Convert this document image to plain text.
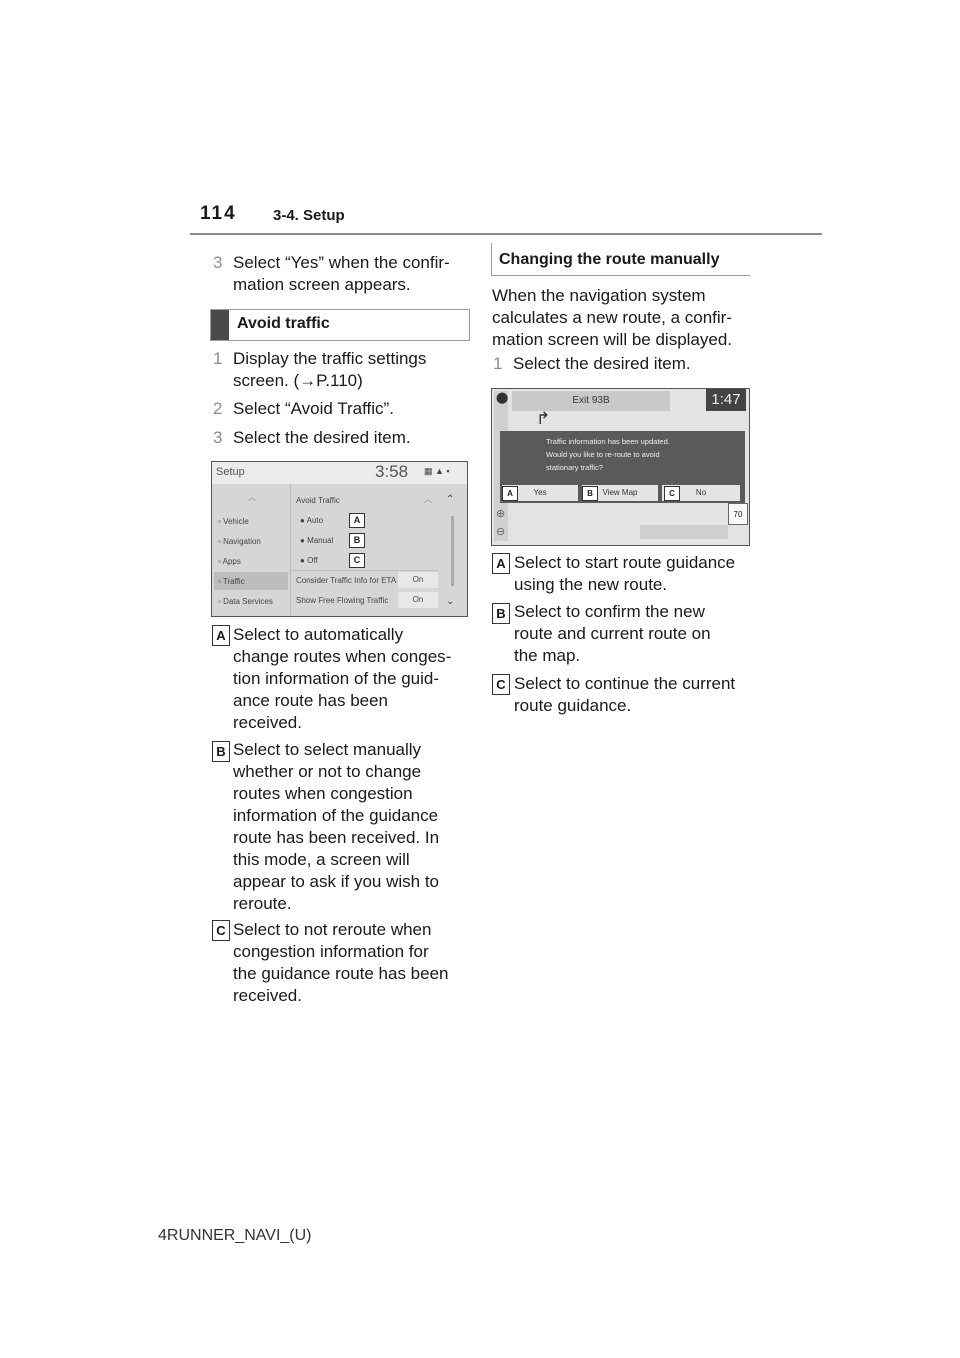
114 3-4. Setup
3 Select “Yes” when the confir-
mation screen appears.
Avoid traffic
1 Display the traffic settings
screen. (→P.110)
2 Select “Avoid Traffic”.
3 Select the desired item.
Setup	3:58 ▦ ▲ ▪
︿
▫ Vehicle
▫ Navigation
▫ Apps
▫ Traffic
▫ Data Services
Avoid Traffic	︿
● Auto	A
● Manual	B
● Off	C
Consider Traffic Info for ETA	On
Show Free Flowing Traffic	On
⌃
⌄
A Select to automatically
change routes when conges-
tion information of the guid-
ance route has been
received.
B Select to select manually
whether or not to change
routes when congestion
information of the guidance
route has been received. In
this mode, a screen will
appear to ask if you wish to
reroute.
C Select to not reroute when
congestion information for
the guidance route has been
received.
Changing the route manually
When the navigation system
calculates a new route, a confir-
mation screen will be displayed.
1 Select the desired item.
⬤	Exit 93B	1:47
↱
Traffic information has been updated.
Would you like to re-route to avoid
stationary traffic?
Yes
A	View Map
B	No
C
⊕
⊖
70
A Select to start route guidance
using the new route.
B Select to confirm the new
route and current route on
the map.
C Select to continue the current
route guidance.
4RUNNER_NAVI_(U)
